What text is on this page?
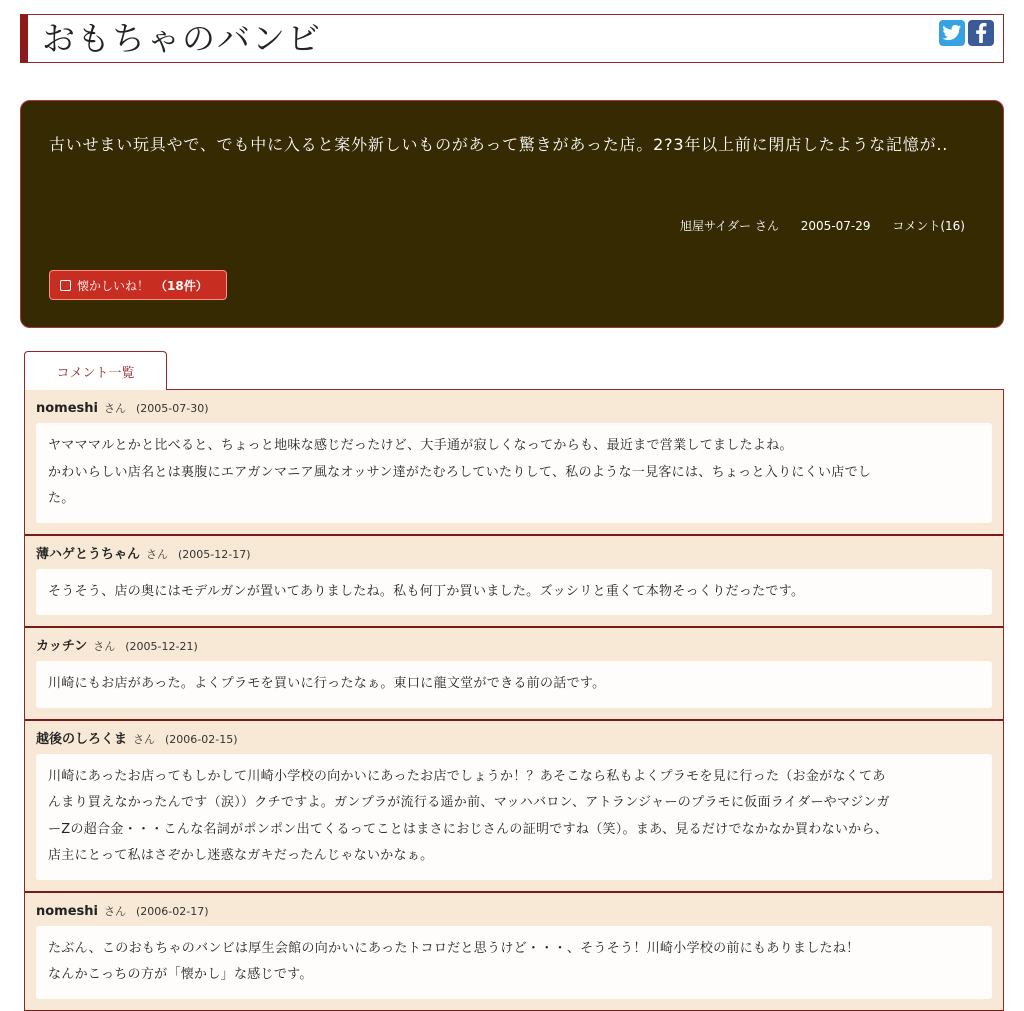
おもちゃのバンビ
古いせまい玩具やで、でも中に入ると案外新しいものがあって驚きがあった店。2?3年以上前に閉店したような記憶が..
旭屋サイダー さん 2005-07-29 コメント(16)
懐かしいね！ （18件）
コメント一覧
nomeshi さん (2005-07-30)
ヤマママルとかと比べると、ちょっと地味な感じだったけど、大手通が寂しくなってからも、最近まで営業してましたよね。
かわいらしい店名とは裏腹にエアガンマニア風なオッサン達がたむろしていたりして、私のような一見客には、ちょっと入りにくい店でし
た。
薄ハゲとうちゃん さん (2005-12-17)
そうそう、店の奥にはモデルガンが置いてありましたね。私も何丁か買いました。ズッシリと重くて本物そっくりだったです。
カッチン さん (2005-12-21)
川崎にもお店があった。よくプラモを買いに行ったなぁ。東口に龍文堂ができる前の話です。
越後のしろくま さん (2006-02-15)
川崎にあったお店ってもしかして川崎小学校の向かいにあったお店でしょうか！？あそこなら私もよくプラモを見に行った（お金がなくてあ
んまり買えなかったんです（涙））クチですよ。ガンプラが流行る遥か前、マッハバロン、アトランジャーのプラモに仮面ライダーやマジンガ
ーZの超合金・・・こんな名詞がポンポン出てくるってことはまさにおじさんの証明ですね（笑）。まあ、見るだけでなかなか買わないから、
店主にとって私はさぞかし迷惑なガキだったんじゃないかなぁ。
nomeshi さん (2006-02-17)
たぶん、このおもちゃのバンビは厚生会館の向かいにあったトコロだと思うけど・・・、そうそう！川崎小学校の前にもありましたね！
なんかこっちの方が「懐かし」な感じです。
